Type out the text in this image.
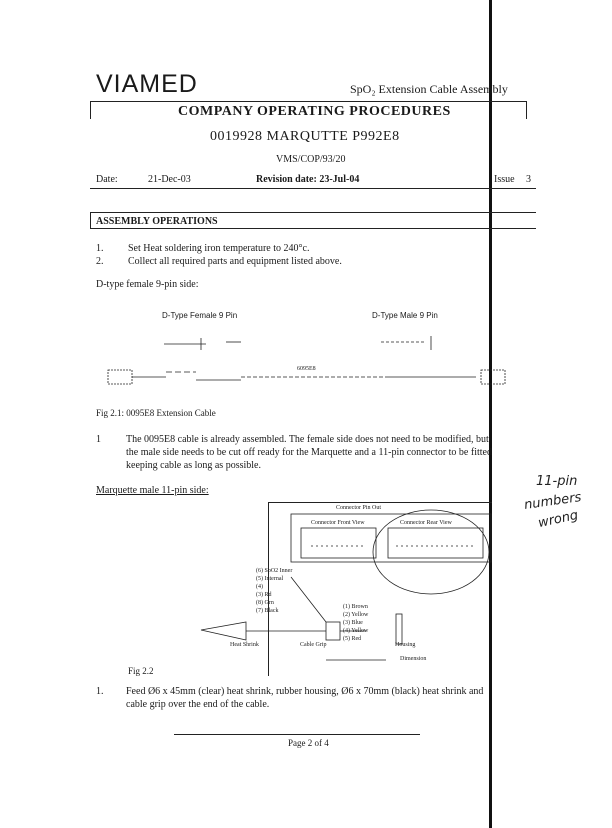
VIAMED	SpO₂ Extension Cable Assembly
COMPANY OPERATING PROCEDURES
0019928 MARQUTTE P992E8
VMS/COP/93/20
Date:	21-Dec-03	Revision date: 23-Jul-04	Issue 3
ASSEMBLY OPERATIONS
1. Set Heat soldering iron temperature to 240°c.
2. Collect all required parts and equipment listed above.
D-type female 9-pin side:
D-Type Female 9 Pin	D-Type Male 9 Pin
6095E8
Fig 2.1: 0095E8 Extension Cable
1	The 0095E8 cable is already assembled. The female side does not need to be modified, but
the male side needs to be cut off ready for the Marquette and a 11-pin connector to be fitted
keeping cable as long as possible.
Marquette male 11-pin side:
11-pin
numbers
wrong
Connector Pin Out
Connector Front View	Connector Rear View
(6) SpO2 Inner
(5) Internal
(4)
(3) Rd
(8) Grn
(7) Black
(1) Brown
(2) Yellow
(3) Blue
(4) Yellow
(5) Red
Heat Shrink	Cable Grip	Housing
Dimension
Fig 2.2
1. Feed Ø6 x 45mm (clear) heat shrink, rubber housing, Ø6 x 70mm (black) heat shrink and
cable grip over the end of the cable.
Page 2 of 4
